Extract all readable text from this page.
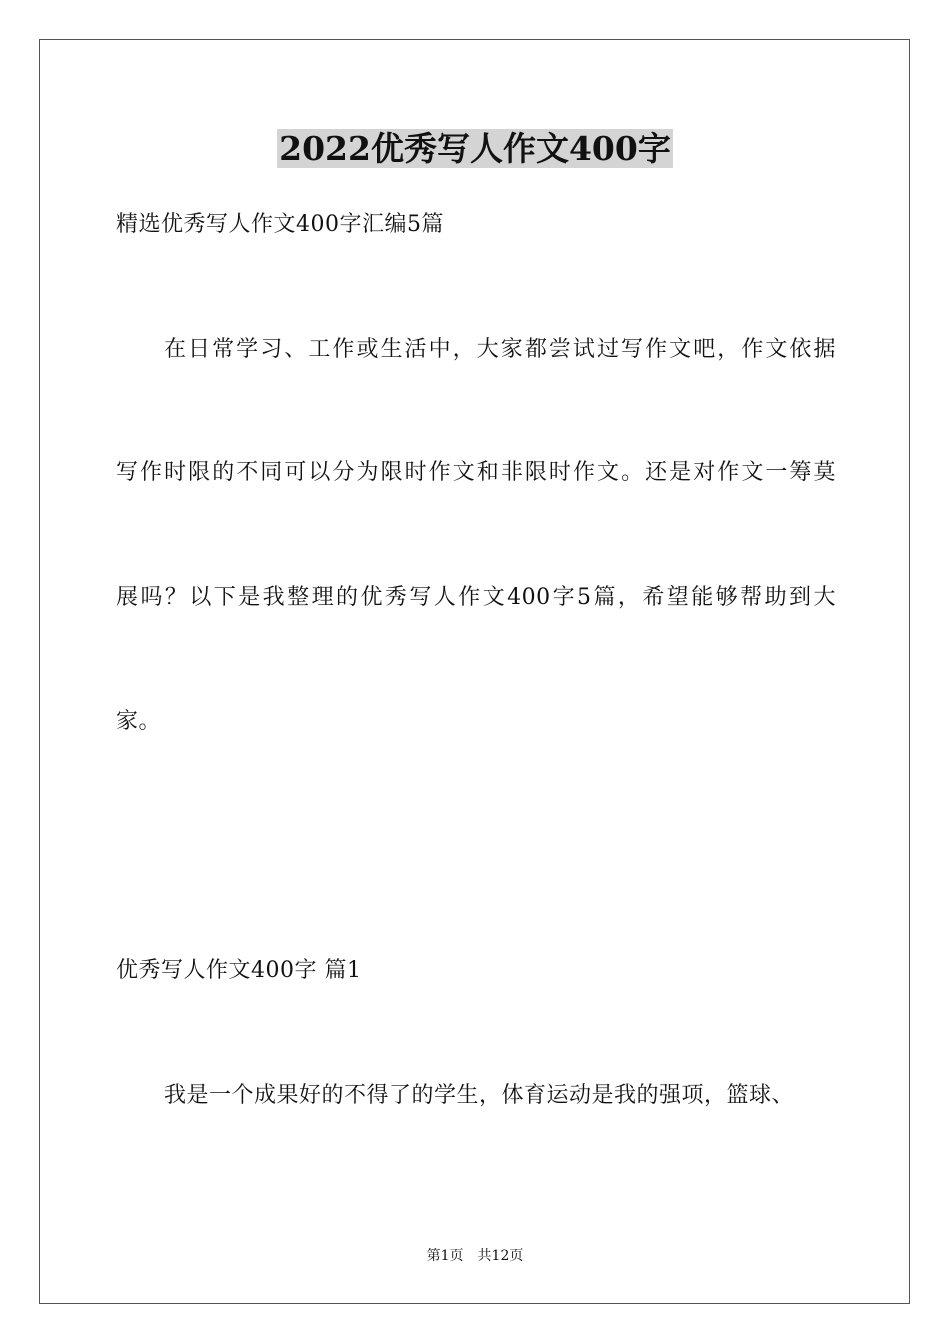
2022优秀写人作文400字
精选优秀写人作文400字汇编5篇
在日常学习、工作或生活中，大家都尝试过写作文吧，作文依据
写作时限的不同可以分为限时作文和非限时作文。还是对作文一筹莫
展吗？以下是我整理的优秀写人作文400字5篇，希望能够帮助到大
家。
优秀写人作文400字 篇1
我是一个成果好的不得了的学生，体育运动是我的强项，篮球、
第1页 共12页
